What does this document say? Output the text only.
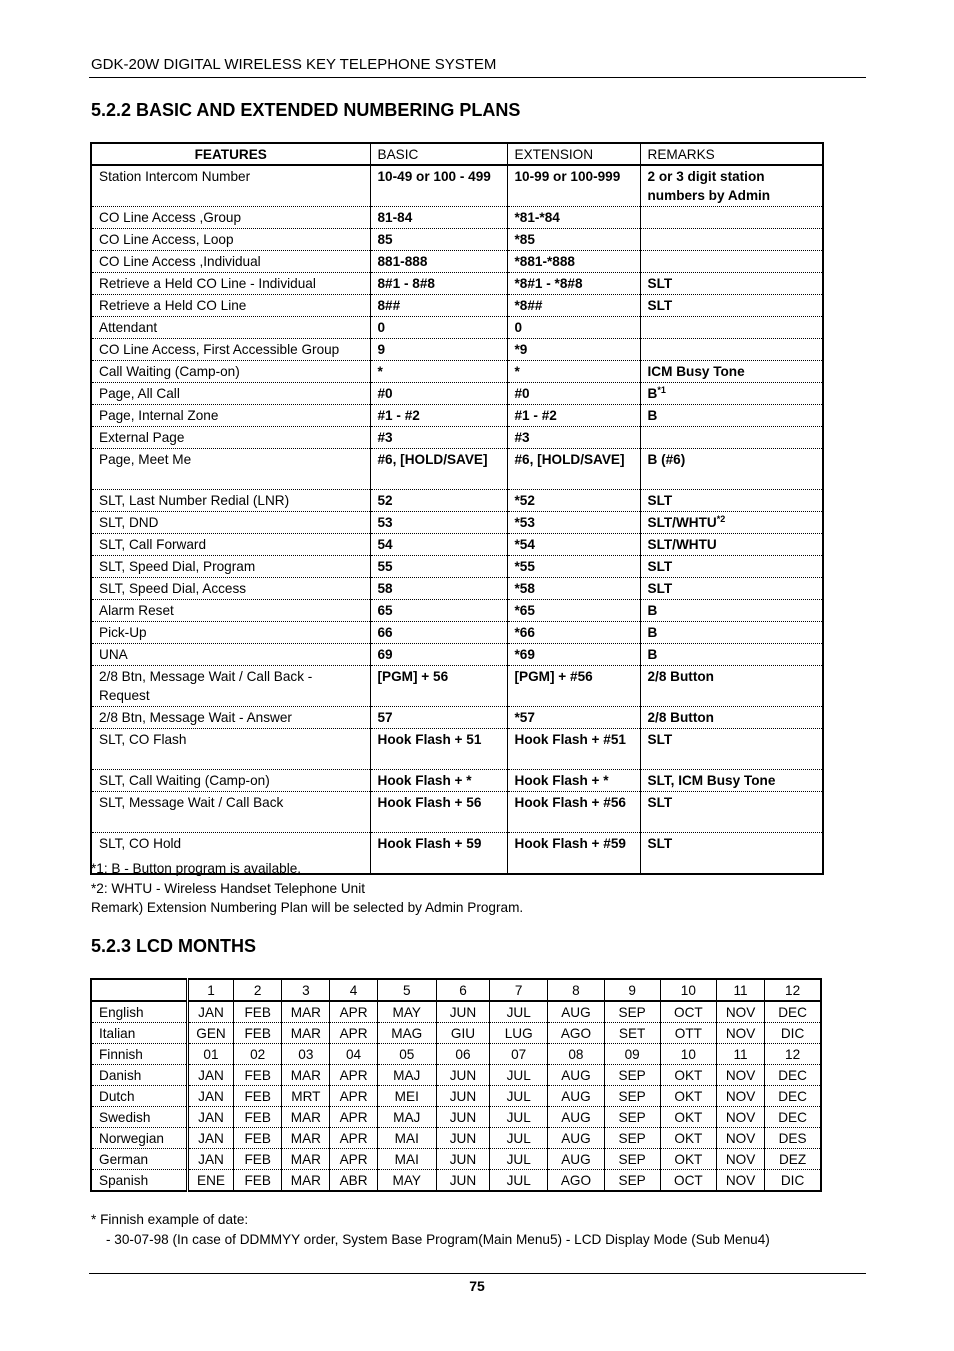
GDK-20W DIGITAL WIRELESS KEY TELEPHONE SYSTEM
5.2.2 BASIC AND EXTENDED NUMBERING PLANS
FEATURES	BASIC	EXTENSION	REMARKS
Station Intercom Number	10-49 or 100 - 499	10-99 or 100-999	2 or 3 digit station numbers by Admin
CO Line Access ,Group	81-84	*81-*84	
CO Line Access, Loop	85	*85	
CO Line Access ,Individual	881-888	*881-*888	
Retrieve a Held CO Line - Individual	8#1 - 8#8	*8#1 - *8#8	SLT
Retrieve a Held CO Line	8##	*8##	SLT
Attendant	0	0	
CO Line Access, First Accessible Group	9	*9	
Call Waiting (Camp-on)	*	*	ICM Busy Tone
Page, All Call	#0	#0	$B^{*1}$
Page, Internal Zone	#1 - #2	#1 - #2	B
External Page	#3	#3	
Page, Meet Me	#6, [HOLD/SAVE]	#6, [HOLD/SAVE]	B (#6)
SLT, Last Number Redial (LNR)	52	*52	SLT
SLT, DND	53	*53	SLT/WHTU$^{*2}$
SLT, Call Forward	54	*54	SLT/WHTU
SLT, Speed Dial, Program	55	*55	SLT
SLT, Speed Dial, Access	58	*58	SLT
Alarm Reset	65	*65	B
Pick-Up	66	*66	B
UNA	69	*69	B
2/8 Btn, Message Wait / Call Back - Request	[PGM] + 56	[PGM] + #56	2/8 Button
2/8 Btn, Message Wait - Answer	57	*57	2/8 Button
SLT, CO Flash	Hook Flash + 51	Hook Flash + #51	SLT
SLT, Call Waiting (Camp-on)	Hook Flash + *	Hook Flash + *	SLT, ICM Busy Tone
SLT, Message Wait / Call Back	Hook Flash + 56	Hook Flash + #56	SLT
SLT, CO Hold	Hook Flash + 59	Hook Flash + #59	SLT
*1: B - Button program is available.
*2: WHTU - Wireless Handset Telephone Unit
Remark) Extension Numbering Plan will be selected by Admin Program.
5.2.3 LCD MONTHS
	1	2	3	4	5	6	7	8	9	10	11	12
English	JAN	FEB	MAR	APR	MAY	JUN	JUL	AUG	SEP	OCT	NOV	DEC
Italian	GEN	FEB	MAR	APR	MAG	GIU	LUG	AGO	SET	OTT	NOV	DIC
Finnish	01	02	03	04	05	06	07	08	09	10	11	12
Danish	JAN	FEB	MAR	APR	MAJ	JUN	JUL	AUG	SEP	OKT	NOV	DEC
Dutch	JAN	FEB	MRT	APR	MEI	JUN	JUL	AUG	SEP	OKT	NOV	DEC
Swedish	JAN	FEB	MAR	APR	MAJ	JUN	JUL	AUG	SEP	OKT	NOV	DEC
Norwegian	JAN	FEB	MAR	APR	MAI	JUN	JUL	AUG	SEP	OKT	NOV	DES
German	JAN	FEB	MAR	APR	MAI	JUN	JUL	AUG	SEP	OKT	NOV	DEZ
Spanish	ENE	FEB	MAR	ABR	MAY	JUN	JUL	AGO	SEP	OCT	NOV	DIC
* Finnish example of date:
- 30-07-98 (In case of DDMMYY order, System Base Program(Main Menu5) - LCD Display Mode (Sub Menu4)
75
